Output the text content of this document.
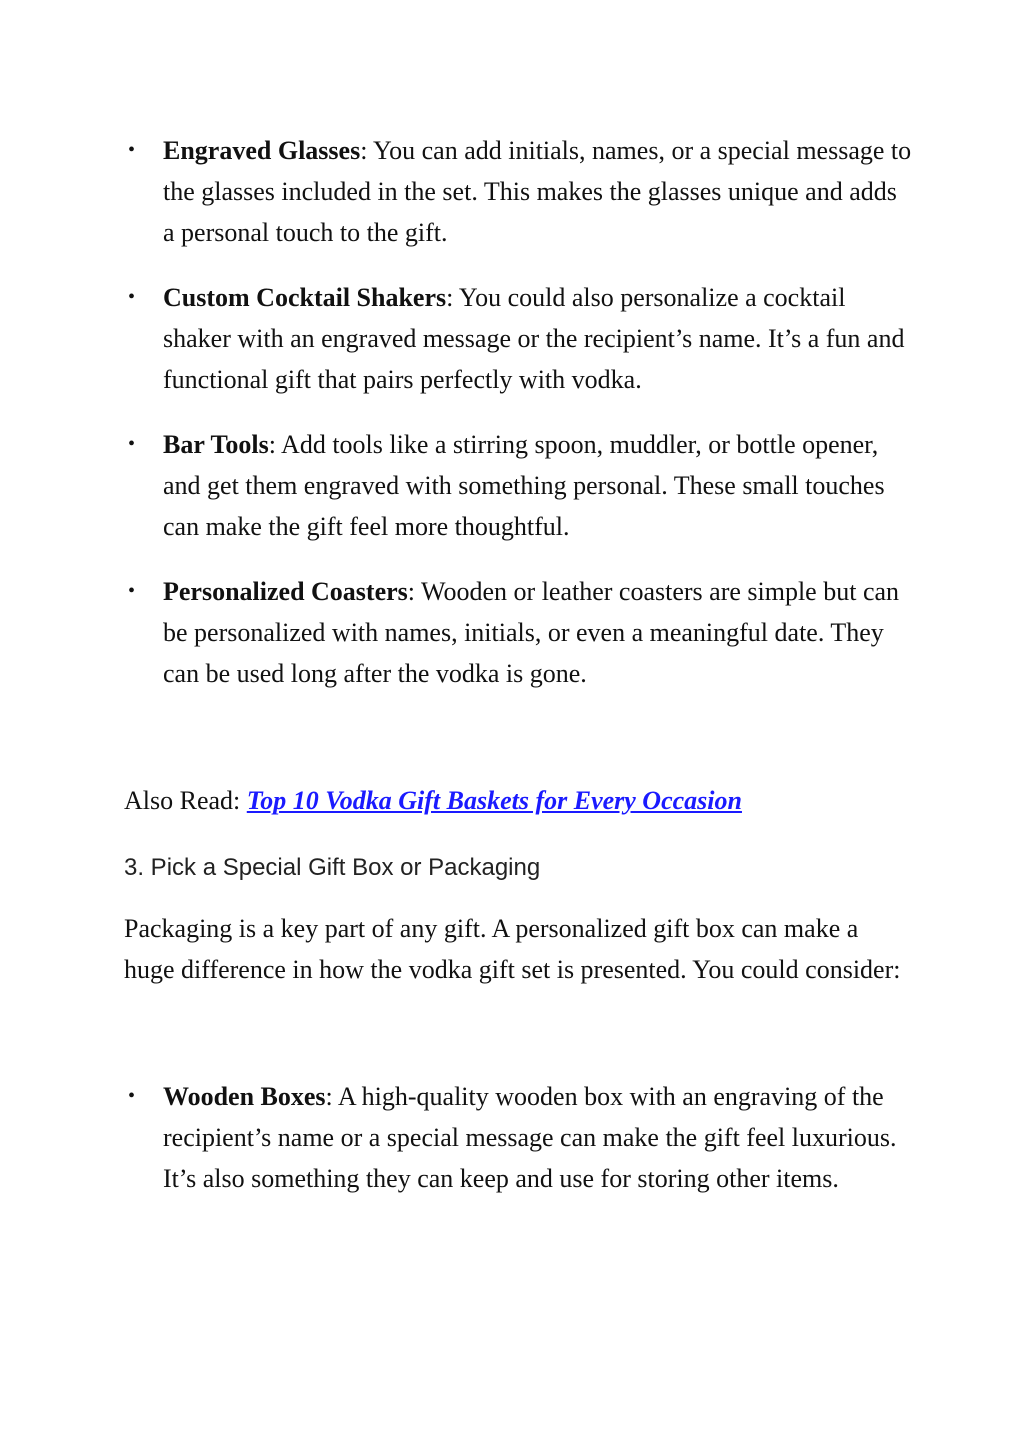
• Engraved Glasses: You can add initials, names, or a special message to the glasses included in the set. This makes the glasses unique and adds a personal touch to the gift.
• Custom Cocktail Shakers: You could also personalize a cocktail shaker with an engraved message or the recipient’s name. It’s a fun and functional gift that pairs perfectly with vodka.
• Bar Tools: Add tools like a stirring spoon, muddler, or bottle opener, and get them engraved with something personal. These small touches can make the gift feel more thoughtful.
• Personalized Coasters: Wooden or leather coasters are simple but can be personalized with names, initials, or even a meaningful date. They can be used long after the vodka is gone.
Also Read: Top 10 Vodka Gift Baskets for Every Occasion
3. Pick a Special Gift Box or Packaging

Packaging is a key part of any gift. A personalized gift box can make a huge difference in how the vodka gift set is presented. You could consider:

• Wooden Boxes: A high-quality wooden box with an engraving of the recipient’s name or a special message can make the gift feel luxurious. It’s also something they can keep and use for storing other items.
